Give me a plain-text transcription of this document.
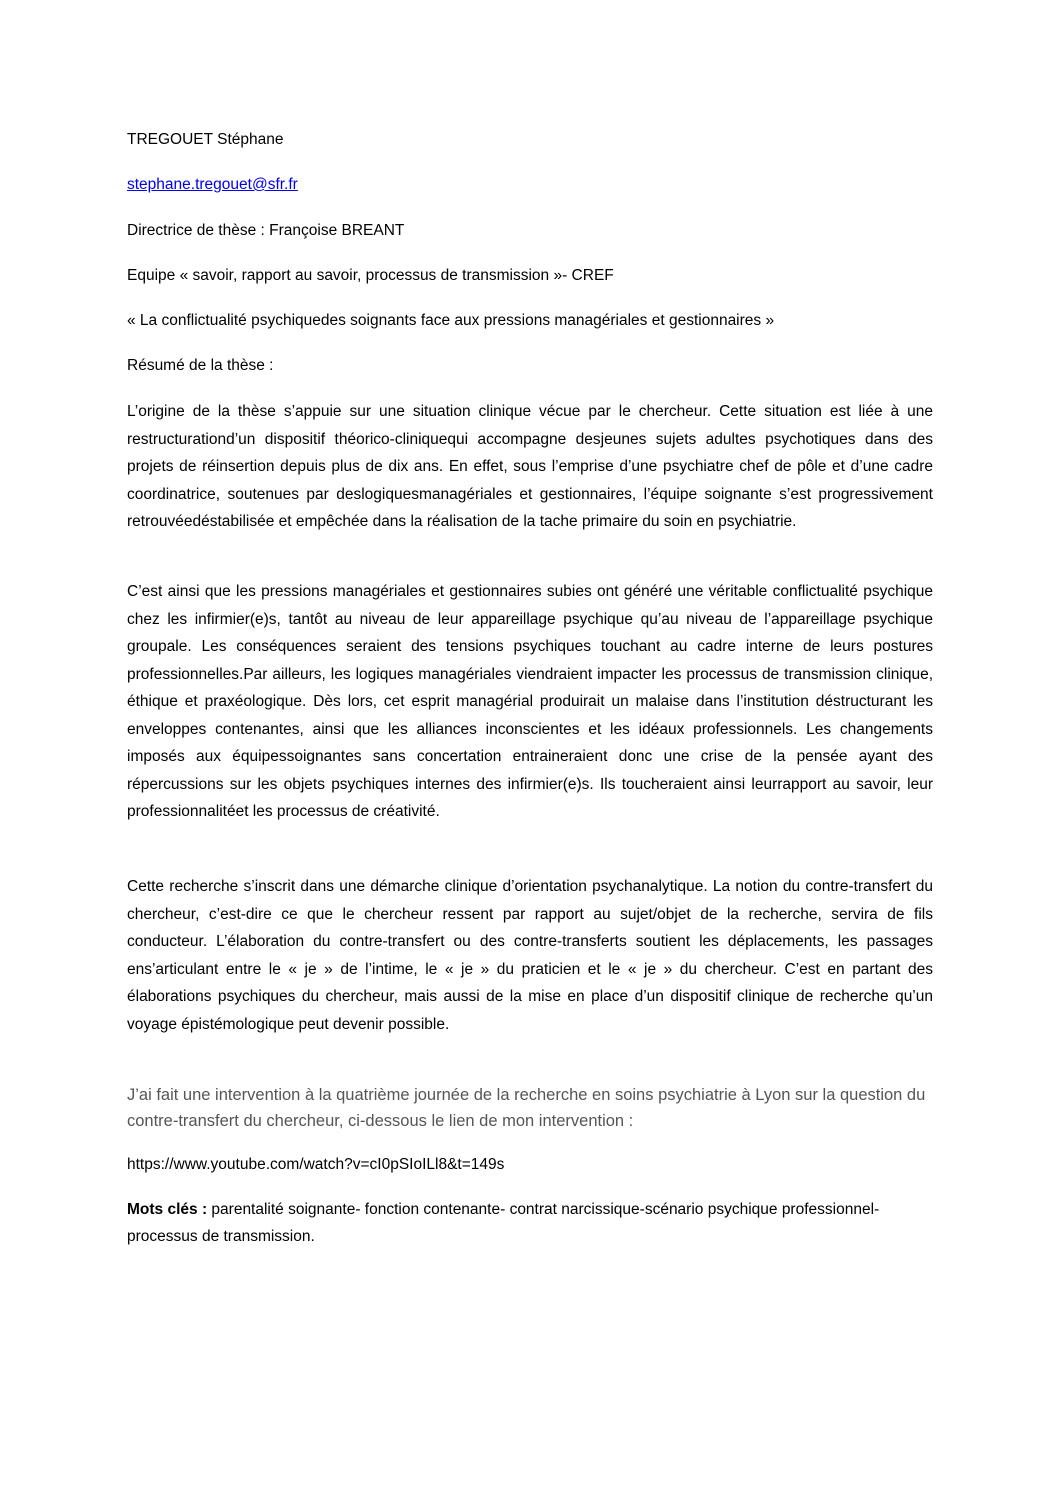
TREGOUET Stéphane
stephane.tregouet@sfr.fr
Directrice de thèse : Françoise BREANT
Equipe « savoir, rapport au savoir, processus de transmission »- CREF
« La conflictualité psychiquedes soignants face aux pressions managériales et gestionnaires »
Résumé de la thèse :
L’origine de la thèse s’appuie sur une situation clinique vécue par le chercheur. Cette situation est liée à une restructurationd’un dispositif théorico-cliniquequi accompagne desjeunes sujets adultes psychotiques dans des projets de réinsertion depuis plus de dix ans. En effet, sous l’emprise d’une psychiatre chef de pôle et d’une cadre coordinatrice, soutenues par deslogiquesmanagériales et gestionnaires, l’équipe soignante s’est progressivement retrouvéedéstabilisée et empêchée dans la réalisation de la tache primaire du soin en psychiatrie.
C’est ainsi que les pressions managériales et gestionnaires subies ont généré une véritable conflictualité psychique chez les infirmier(e)s, tantôt au niveau de leur appareillage psychique qu’au niveau de l’appareillage psychique groupale. Les conséquences seraient des tensions psychiques touchant au cadre interne de leurs postures professionnelles.Par ailleurs, les logiques managériales viendraient impacter les processus de transmission clinique, éthique et praxéologique. Dès lors, cet esprit managérial produirait un malaise dans l’institution déstructurant les enveloppes contenantes, ainsi que les alliances inconscientes et les idéaux professionnels. Les changements imposés aux équipessoignantes sans concertation entraineraient donc une crise de la pensée ayant des répercussions sur les objets psychiques internes des infirmier(e)s. Ils toucheraient ainsi leurrapport au savoir, leur professionnalitéet les processus de créativité.
Cette recherche s’inscrit dans une démarche clinique d’orientation psychanalytique. La notion du contre-transfert du chercheur, c’est-dire ce que le chercheur ressent par rapport au sujet/objet de la recherche, servira de fils conducteur. L’élaboration du contre-transfert ou des contre-transferts soutient les déplacements, les passages ens’articulant entre le « je » de l’intime, le « je » du praticien et le « je » du chercheur. C’est en partant des élaborations psychiques du chercheur, mais aussi de la mise en place d’un dispositif clinique de recherche qu’un voyage épistémologique peut devenir possible.
J’ai fait une intervention à la quatrième journée de la recherche en soins psychiatrie à Lyon sur la question du contre-transfert du chercheur, ci-dessous le lien de mon intervention :
https://www.youtube.com/watch?v=cI0pSIoILl8&t=149s
Mots clés : parentalité soignante- fonction contenante- contrat narcissique-scénario psychique professionnel- processus de transmission.
